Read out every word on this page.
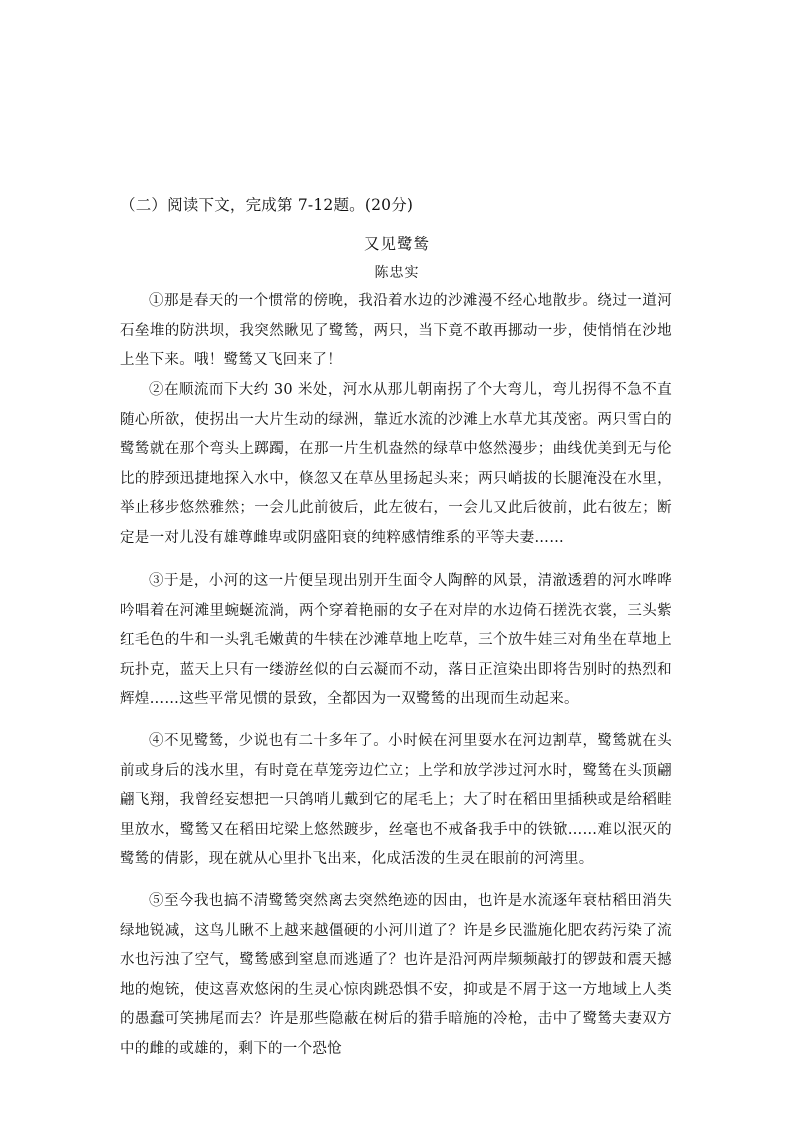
（二）阅读下文，完成第 7-12题。(20分)
又见鹭鸶
陈忠实

①那是春天的一个惯常的傍晚，我沿着水边的沙滩漫不经心地散步。绕过一道河石垒堆的防洪坝，我突然瞅见了鹭鸶，两只，当下竟不敢再挪动一步，使悄悄在沙地上坐下来。哦！鹭鸶又飞回来了！

②在顺流而下大约 30 米处，河水从那儿朝南拐了个大弯儿，弯儿拐得不急不直随心所欲，使拐出一大片生动的绿洲，靠近水流的沙滩上水草尤其茂密。两只雪白的鹭鸶就在那个弯头上踯躅，在那一片生机盎然的绿草中悠然漫步；曲线优美到无与伦比的脖颈迅捷地探入水中，倏忽又在草丛里扬起头来；两只峭拔的长腿淹没在水里，举止移步悠然雅然；一会儿此前彼后，此左彼右，一会儿又此后彼前，此右彼左；断定是一对儿没有雄尊雌卑或阴盛阳衰的纯粹感情维系的平等夫妻……

③于是，小河的这一片便呈现出别开生面令人陶醉的风景，清澈透碧的河水哗哗吟唱着在河滩里蜿蜒流淌，两个穿着艳丽的女子在对岸的水边倚石搓洗衣裳，三头紫红毛色的牛和一头乳毛嫩黄的牛犊在沙滩草地上吃草，三个放牛娃三对角坐在草地上玩扑克，蓝天上只有一缕游丝似的白云凝而不动，落日正渲染出即将告别时的热烈和辉煌……这些平常见惯的景致，全都因为一双鹭鸶的出现而生动起来。

④不见鹭鸶，少说也有二十多年了。小时候在河里耍水在河边割草，鹭鸶就在头前或身后的浅水里，有时竟在草笼旁边伫立；上学和放学涉过河水时，鹭鸶在头顶翩翩飞翔，我曾经妄想把一只鸽哨儿戴到它的尾毛上；大了时在稻田里插秧或是给稻畦里放水，鹭鸶又在稻田坨梁上悠然踱步，丝毫也不戒备我手中的铁锨……难以泯灭的鹭鸶的倩影，现在就从心里扑飞出来，化成活泼的生灵在眼前的河湾里。

⑤至今我也搞不清鹭鸶突然离去突然绝迹的因由，也许是水流逐年衰枯稻田消失绿地锐减，这鸟儿瞅不上越来越僵硬的小河川道了？许是乡民滥施化肥农药污染了流水也污浊了空气，鹭鸶感到窒息而逃遁了？也许是沿河两岸频频敲打的锣鼓和震天撼地的炮铳，使这喜欢悠闲的生灵心惊肉跳恐惧不安，抑或是不屑于这一方地域上人类的愚蠢可笑拂尾而去？许是那些隐蔽在树后的猎手暗施的冷枪，击中了鹭鸶夫妻双方中的雌的或雄的，剩下的一个恐怆
